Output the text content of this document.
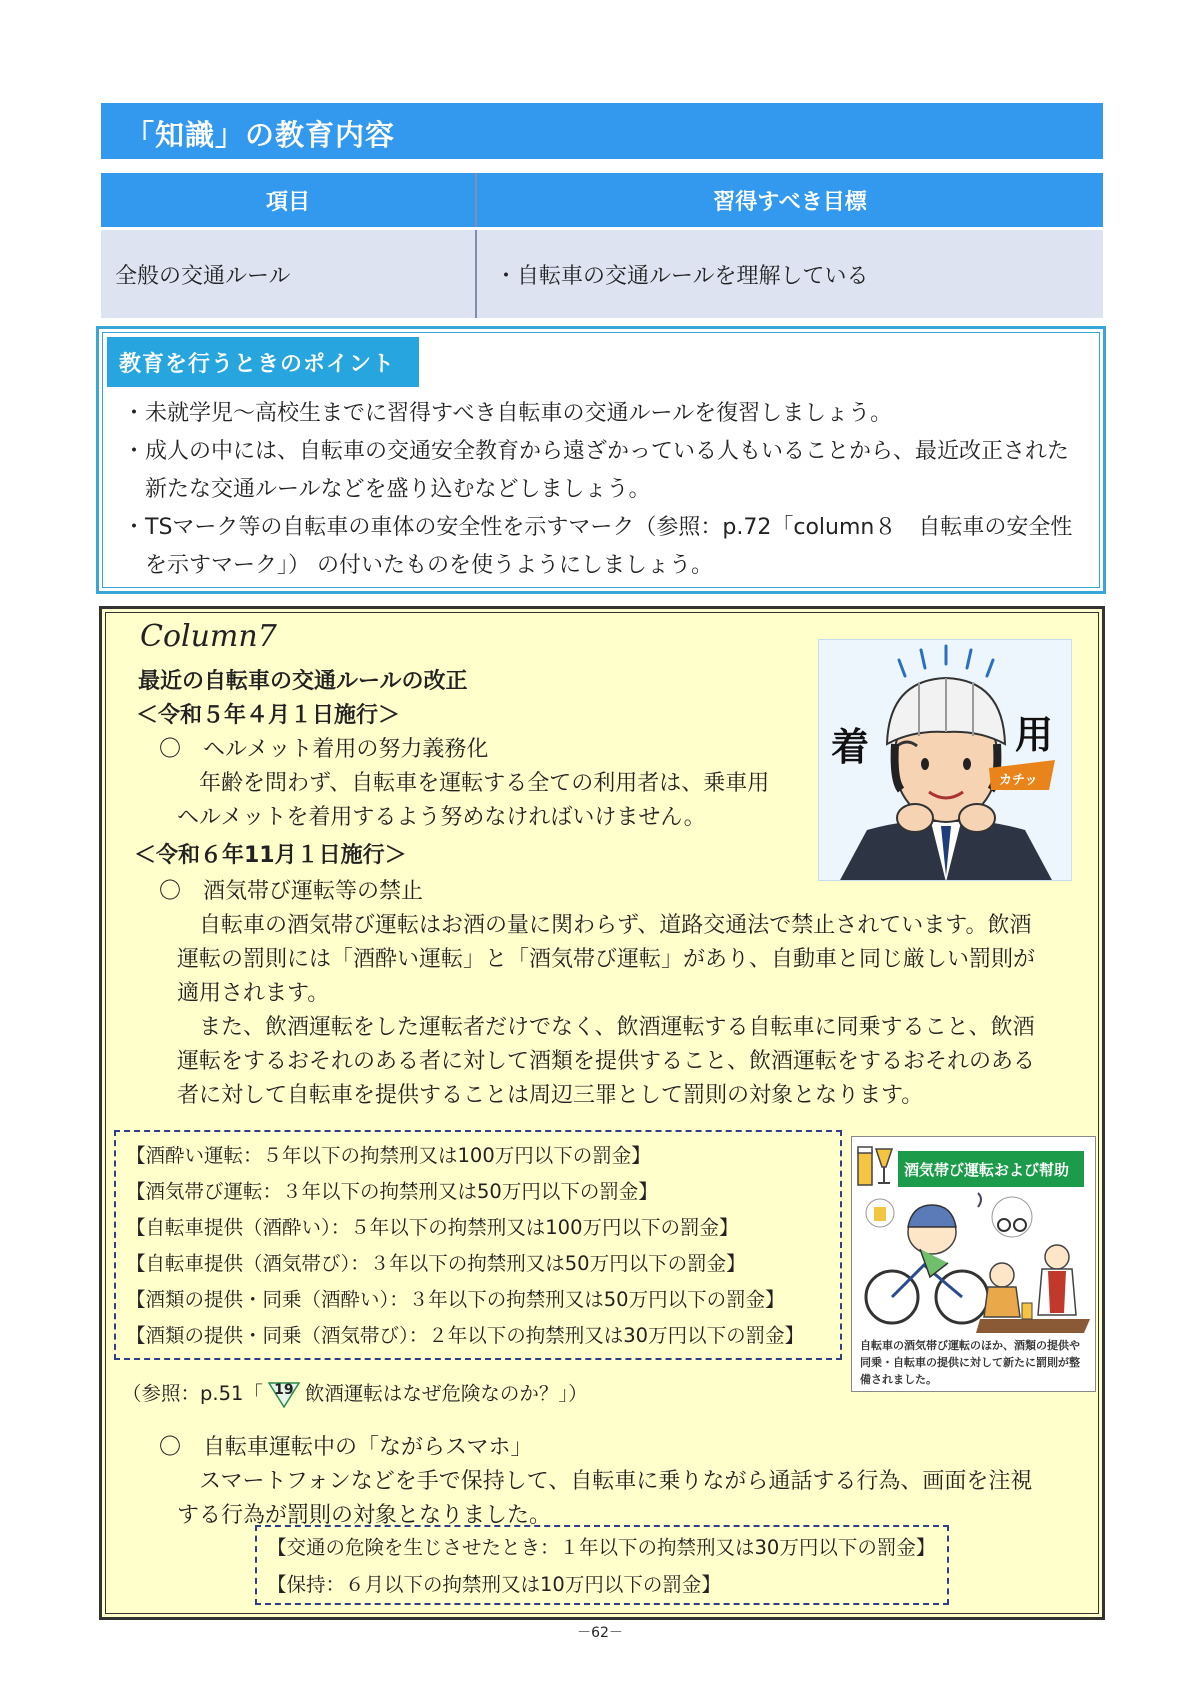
「知識」の教育内容
項目	習得すべき目標
全般の交通ルール	・自転車の交通ルールを理解している
教育を行うときのポイント
・未就学児～高校生までに習得すべき自転車の交通ルールを復習しましょう。
・成人の中には、自転車の交通安全教育から遠ざかっている人もいることから、最近改正された新たな交通ルールなどを盛り込むなどしましょう。
・TSマーク等の自転車の車体の安全性を示すマーク（参照：p.72「column８　自転車の安全性を示すマーク」） の付いたものを使うようにしましょう。
Column7
最近の自転車の交通ルールの改正
＜令和５年４月１日施行＞
〇　ヘルメット着用の努力義務化
年齢を問わず、自転車を運転する全ての利用者は、乗車用
ヘルメットを着用するよう努めなければいけません。
着	用
カチッ
＜令和６年11月１日施行＞
〇　酒気帯び運転等の禁止
自転車の酒気帯び運転はお酒の量に関わらず、道路交通法で禁止されています。飲酒
運転の罰則には「酒酔い運転」と「酒気帯び運転」があり、自動車と同じ厳しい罰則が
適用されます。
また、飲酒運転をした運転者だけでなく、飲酒運転する自転車に同乗すること、飲酒
運転をするおそれのある者に対して酒類を提供すること、飲酒運転をするおそれのある
者に対して自転車を提供することは周辺三罪として罰則の対象となります。
【酒酔い運転：５年以下の拘禁刑又は100万円以下の罰金】
【酒気帯び運転：３年以下の拘禁刑又は50万円以下の罰金】
【自転車提供（酒酔い）：５年以下の拘禁刑又は100万円以下の罰金】
【自転車提供（酒気帯び）：３年以下の拘禁刑又は50万円以下の罰金】
【酒類の提供・同乗（酒酔い）：３年以下の拘禁刑又は50万円以下の罰金】
【酒類の提供・同乗（酒気帯び）：２年以下の拘禁刑又は30万円以下の罰金】
酒気帯び運転および幇助
自転車の酒気帯び運転のほか、酒類の提供や同乗・自転車の提供に対して新たに罰則が整備されました。
（参照：p.51「 19 飲酒運転はなぜ危険なのか？」）
〇　自転車運転中の「ながらスマホ」
スマートフォンなどを手で保持して、自転車に乗りながら通話する行為、画面を注視
する行為が罰則の対象となりました。
【交通の危険を生じさせたとき：１年以下の拘禁刑又は30万円以下の罰金】
【保持：６月以下の拘禁刑又は10万円以下の罰金】
－62－
